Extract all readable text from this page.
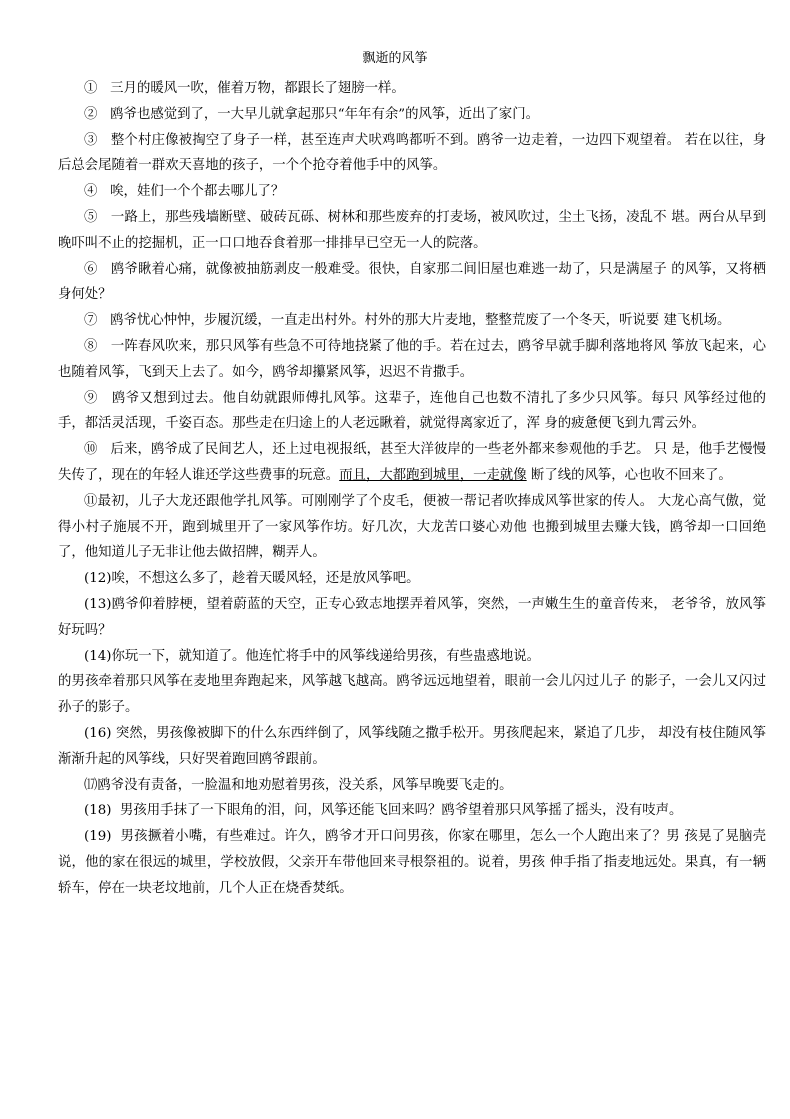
飘逝的风筝

① 三月的暖风一吹，催着万物，都跟长了翅膀一样。

② 鸥爷也感觉到了，一大早儿就拿起那只“年年有余”的风筝，近出了家门。

③ 整个村庄像被掏空了身子一样，甚至连声犬吠鸡鸣都听不到。鸥爷一边走着，一边四下观望着。 若在以往，身后总会尾随着一群欢天喜地的孩子，一个个抢夺着他手中的风筝。

④ 唉，娃们一个个都去哪儿了？

⑤ 一路上，那些残墙断壁、破砖瓦砾、树林和那些废弃的打麦场，被风吹过，尘土飞扬，凌乱不 堪。两台从早到晚吓叫不止的挖掘机，正一口口地吞食着那一排排早已空无一人的院落。

⑥ 鸥爷瞅着心痛，就像被抽筋剥皮一般难受。很快，自家那二间旧屋也难逃一劫了，只是满屋子 的风筝，又将栖身何处？

⑦ 鸥爷忧心忡忡，步履沉缓，一直走出村外。村外的那大片麦地，整整荒废了一个冬天，听说要 建飞机场。

⑧ 一阵春风吹来，那只风筝有些急不可待地挠紧了他的手。若在过去，鸥爷早就手脚利落地将风 筝放飞起来，心也随着风筝，飞到天上去了。如今，鸥爷却攥紧风筝，迟迟不肯撒手。

⑨ 鸥爷又想到过去。他自幼就跟师傅扎风筝。这辈子，连他自己也数不清扎了多少只风筝。每只 风筝经过他的手，都活灵活现，千姿百态。那些走在归途上的人老远瞅着，就觉得离家近了，浑 身的疲惫便飞到九霄云外。

⑩ 后来，鸥爷成了民间艺人，还上过电视报纸，甚至大洋彼岸的一些老外都来参观他的手艺。 只 是，他手艺慢慢失传了，现在的年轻人谁还学这些费事的玩意。而且，大都跑到城里，一走就像 断了线的风筝，心也收不回来了。

⑪最初，儿子大龙还跟他学扎风筝。可刚刚学了个皮毛，便被一帮记者吹捧成风筝世家的传人。 大龙心高气傲，觉得小村子施展不开，跑到城里开了一家风筝作坊。好几次，大龙苦口婆心劝他 也搬到城里去赚大钱，鸥爷却一口回绝了，他知道儿子无非让他去做招牌，糊弄人。

(12)唉，不想这么多了，趁着天暖风轻，还是放风筝吧。

(13)鸥爷仰着脖梗，望着蔚蓝的天空，正专心致志地摆弄着风筝，突然，一声嫩生生的童音传来， 老爷爷，放风筝好玩吗？

(14)你玩一下，就知道了。他连忙将手中的风筝线递给男孩，有些蛊惑地说。

的男孩牵着那只风筝在麦地里奔跑起来，风筝越飞越高。鸥爷远远地望着，眼前一会儿闪过儿子 的影子，一会儿又闪过孙子的影子。

(16) 突然，男孩像被脚下的什么东西绊倒了，风筝线随之撒手松开。男孩爬起来，紧追了几步， 却没有枝住随风筝渐渐升起的风筝线，只好哭着跑回鸥爷跟前。

⒄鸥爷没有责备，一脸温和地劝慰着男孩，没关系，风筝早晚要飞走的。

(18) 男孩用手抹了一下眼角的泪，问，风筝还能飞回来吗？鸥爷望着那只风筝摇了摇头，没有吱声。

(19) 男孩撅着小嘴，有些难过。许久，鸥爷才开口问男孩，你家在哪里，怎么一个人跑出来了？男 孩晃了晃脑壳说，他的家在很远的城里，学校放假，父亲开车带他回来寻根祭祖的。说着，男孩 伸手指了指麦地远处。果真，有一辆轿车，停在一块老坟地前，几个人正在烧香焚纸。
